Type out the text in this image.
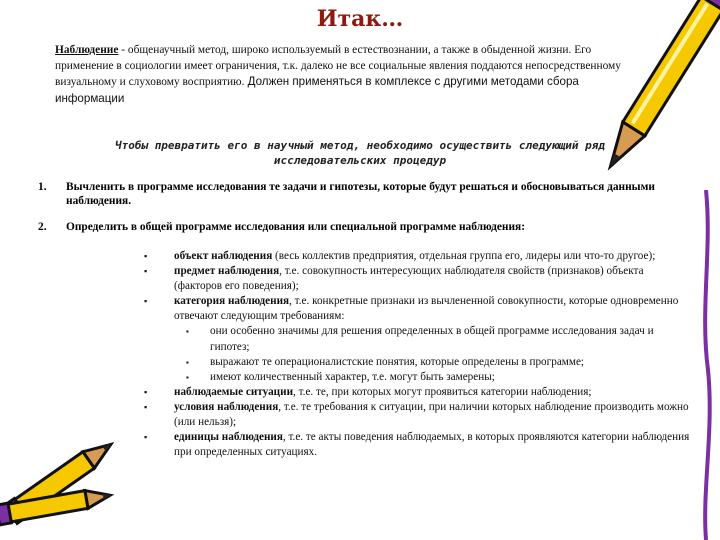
Итак…
Наблюдение - общенаучный метод, широко используемый в естествознании, а также в обыденной жизни. Его применение в социологии имеет ограничения, т.к. далеко не все социальные явления поддаются непосредственному визуальному и слуховому восприятию. Должен применяться в комплексе с другими методами сбора информации
Чтобы превратить его в научный метод, необходимо осуществить следующий ряд исследовательских процедур
1. Вычленить в программе исследования те задачи и гипотезы, которые будут решаться и обосновываться данными наблюдения.
2. Определить в общей программе исследования или специальной программе наблюдения:
▪ объект наблюдения (весь коллектив предприятия, отдельная группа его, лидеры или что-то другое);
▪ предмет наблюдения, т.е. совокупность интересующих наблюдателя свойств (признаков) объекта (факторов его поведения);
▪ категория наблюдения, т.е. конкретные признаки из вычлененной совокупности, которые одновременно отвечают следующим требованиям:
▪ они особенно значимы для решения определенных в общей программе исследования задач и гипотез;
▪ выражают те операционалистские понятия, которые определены в программе;
▪ имеют количественный характер, т.е. могут быть замерены;
▪ наблюдаемые ситуации, т.е. те, при которых могут проявиться категории наблюдения;
▪ условия наблюдения, т.е. те требования к ситуации, при наличии которых наблюдение производить можно (или нельзя);
▪ единицы наблюдения, т.е. те акты поведения наблюдаемых, в которых проявляются категории наблюдения при определенных ситуациях.
